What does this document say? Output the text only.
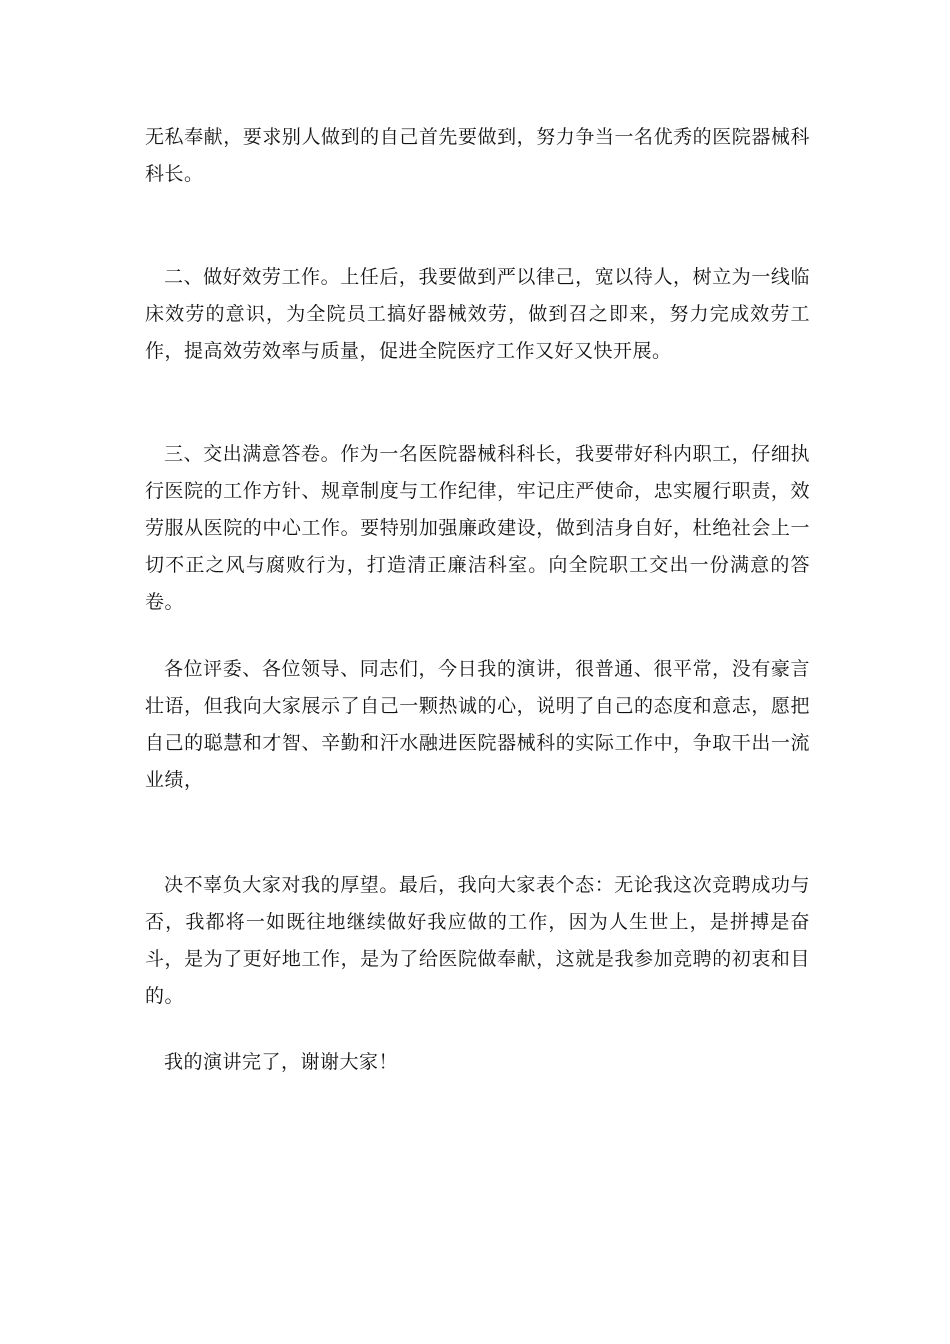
无私奉献，要求别人做到的自己首先要做到，努力争当一名优秀的医院器械科科长。

二、做好效劳工作。上任后，我要做到严以律己，宽以待人，树立为一线临床效劳的意识，为全院员工搞好器械效劳，做到召之即来，努力完成效劳工作，提高效劳效率与质量，促进全院医疗工作又好又快开展。

三、交出满意答卷。作为一名医院器械科科长，我要带好科内职工，仔细执行医院的工作方针、规章制度与工作纪律，牢记庄严使命，忠实履行职责，效劳服从医院的中心工作。要特别加强廉政建设，做到洁身自好，杜绝社会上一切不正之风与腐败行为，打造清正廉洁科室。向全院职工交出一份满意的答卷。

各位评委、各位领导、同志们，今日我的演讲，很普通、很平常，没有豪言壮语，但我向大家展示了自己一颗热诚的心，说明了自己的态度和意志，愿把自己的聪慧和才智、辛勤和汗水融进医院器械科的实际工作中，争取干出一流业绩，

决不辜负大家对我的厚望。最后，我向大家表个态：无论我这次竞聘成功与否，我都将一如既往地继续做好我应做的工作，因为人生世上，是拼搏是奋斗，是为了更好地工作，是为了给医院做奉献，这就是我参加竞聘的初衷和目的。

我的演讲完了，谢谢大家！
